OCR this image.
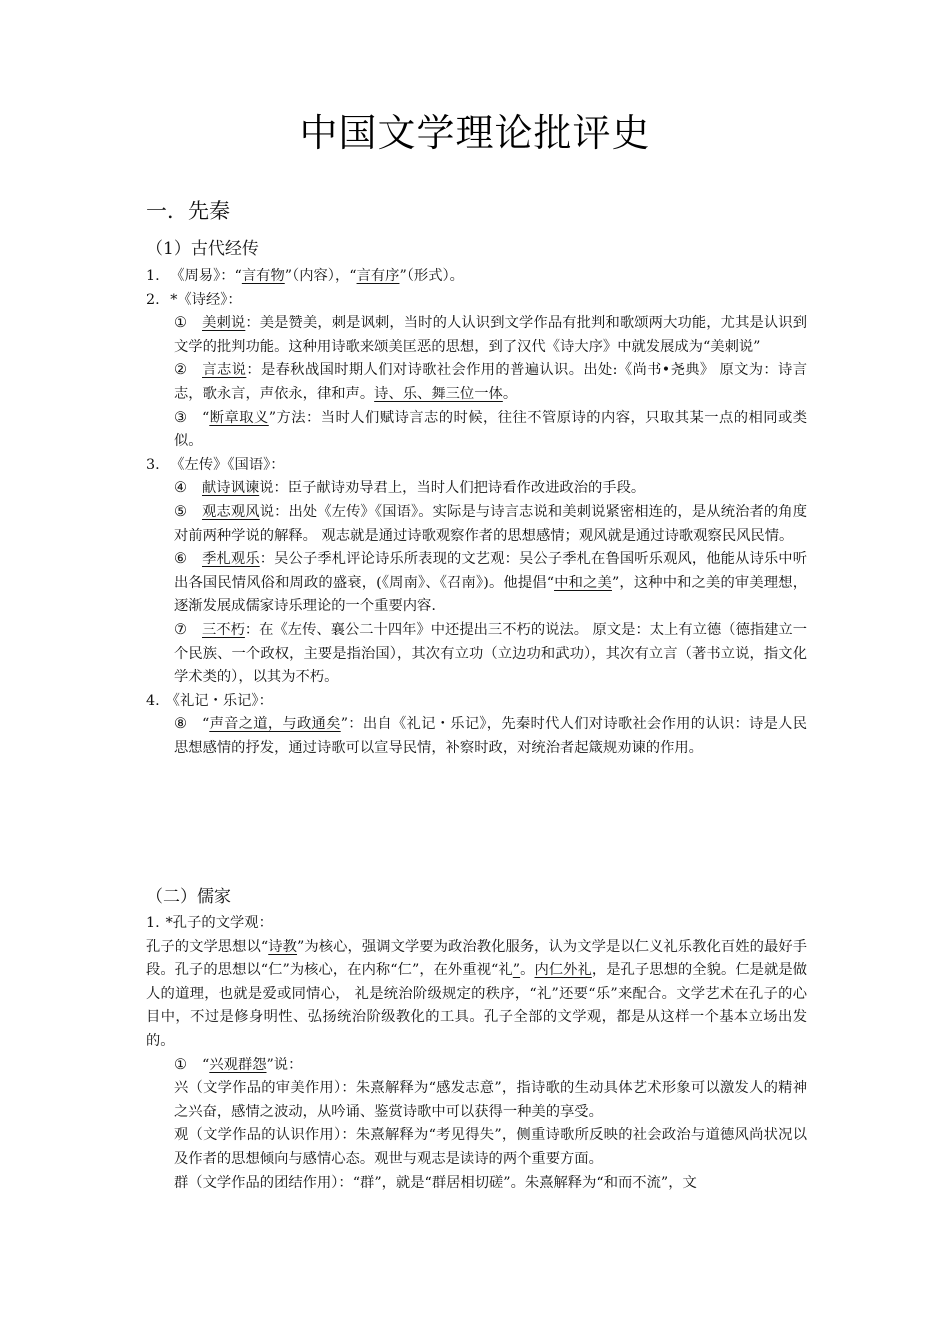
中国文学理论批评史
一．先秦
（1）古代经传

1. 《周易》：“言有物”（内容），“言有序”（形式）。

2. *《诗经》：

① 美刺说：美是赞美，刺是讽刺，当时的人认识到文学作品有批判和歌颂两大功能，尤其是认识到文学的批判功能。这种用诗歌来颂美匡恶的思想，到了汉代《诗大序》中就发展成为“美刺说”

② 言志说：是春秋战国时期人们对诗歌社会作用的普遍认识。出处:《尚书•尧典》 原文为：诗言志，歌永言，声依永，律和声。诗、乐、舞三位一体。

③ “断章取义”方法：当时人们赋诗言志的时候，往往不管原诗的内容，只取其某一点的相同或类似。

3. 《左传》《国语》：

④ 献诗讽谏说：臣子献诗劝导君上，当时人们把诗看作改进政治的手段。

⑤ 观志观风说：出处《左传》《国语》。实际是与诗言志说和美刺说紧密相连的，是从统治者的角度对前两种学说的解释。 观志就是通过诗歌观察作者的思想感情；观风就是通过诗歌观察民风民情。

⑥ 季札观乐：吴公子季札评论诗乐所表现的文艺观：吴公子季札在鲁国听乐观风，他能从诗乐中听出各国民情风俗和周政的盛衰，(《周南》、《召南》)。他提倡“中和之美”，这种中和之美的审美理想，逐渐发展成儒家诗乐理论的一个重要内容.

⑦ 三不朽：在《左传、襄公二十四年》中还提出三不朽的说法。 原文是：太上有立德（德指建立一个民族、一个政权，主要是指治国），其次有立功（立边功和武功），其次有立言（著书立说，指文化学术类的），以其为不朽。

4. 《礼记・乐记》：

⑧ “声音之道，与政通矣”：出自《礼记・乐记》，先秦时代人们对诗歌社会作用的认识：诗是人民思想感情的抒发，通过诗歌可以宣导民情，补察时政，对统治者起箴规劝谏的作用。

（二）儒家

1. *孔子的文学观：

孔子的文学思想以“诗教”为核心，强调文学要为政治教化服务，认为文学是以仁义礼乐教化百姓的最好手段。孔子的思想以“仁”为核心，在内称“仁”，在外重视“礼”。内仁外礼，是孔子思想的全貌。仁是就是做人的道理，也就是爱或同情心， 礼是统治阶级规定的秩序，“礼”还要“乐”来配合。文学艺术在孔子的心目中，不过是修身明性、弘扬统治阶级教化的工具。孔子全部的文学观，都是从这样一个基本立场出发的。

① “兴观群怨”说：

兴（文学作品的审美作用）：朱熹解释为“感发志意”，指诗歌的生动具体艺术形象可以激发人的精神之兴奋，感情之波动，从吟诵、鉴赏诗歌中可以获得一种美的享受。

观（文学作品的认识作用）：朱熹解释为“考见得失”，侧重诗歌所反映的社会政治与道德风尚状况以及作者的思想倾向与感情心态。观世与观志是读诗的两个重要方面。

群（文学作品的团结作用）：“群”，就是“群居相切磋”。朱熹解释为“和而不流”，文
